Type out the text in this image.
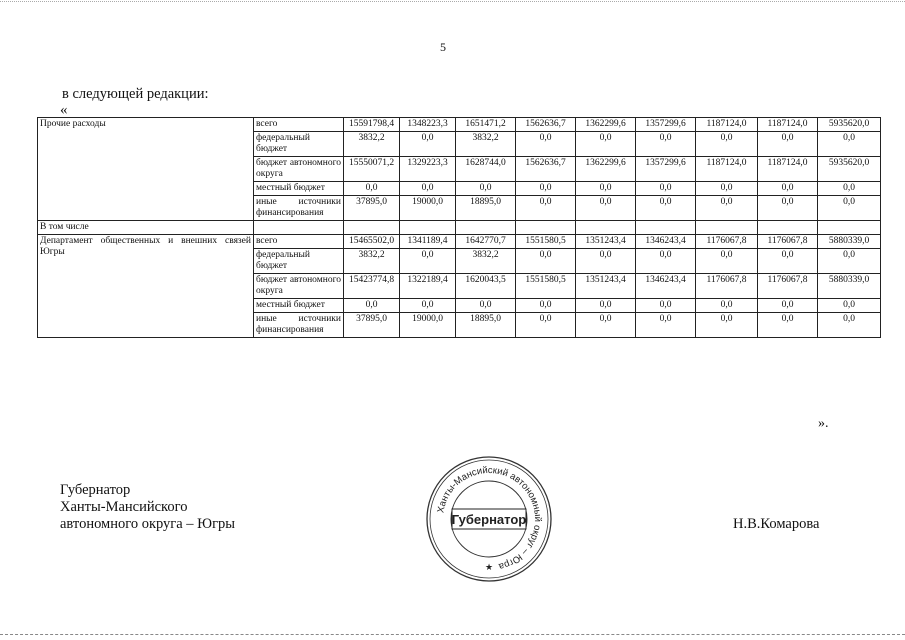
5
в следующей редакции:
«
Прочие расходы	всего	15591798,4	1348223,3	1651471,2	1562636,7	1362299,6	1357299,6	1187124,0	1187124,0	5935620,0
	федеральный бюджет	3832,2	0,0	3832,2	0,0	0,0	0,0	0,0	0,0	0,0
	бюджет автономного округа	15550071,2	1329223,3	1628744,0	1562636,7	1362299,6	1357299,6	1187124,0	1187124,0	5935620,0
	местный бюджет	0,0	0,0	0,0	0,0	0,0	0,0	0,0	0,0	0,0
	иные источники финансирования	37895,0	19000,0	18895,0	0,0	0,0	0,0	0,0	0,0	0,0
В том числе										
Департамент общественных и внешних связей Югры	всего	15465502,0	1341189,4	1642770,7	1551580,5	1351243,4	1346243,4	1176067,8	1176067,8	5880339,0
	федеральный бюджет	3832,2	0,0	3832,2	0,0	0,0	0,0	0,0	0,0	0,0
	бюджет автономного округа	15423774,8	1322189,4	1620043,5	1551580,5	1351243,4	1346243,4	1176067,8	1176067,8	5880339,0
	местный бюджет	0,0	0,0	0,0	0,0	0,0	0,0	0,0	0,0	0,0
	иные источники финансирования	37895,0	19000,0	18895,0	0,0	0,0	0,0	0,0	0,0	0,0
».
Губернатор
Ханты-Мансийского
автономного округа – Югры	Н.В.Комарова
Ханты-Мансийский автономный округ – Югра
Губернатор
★
